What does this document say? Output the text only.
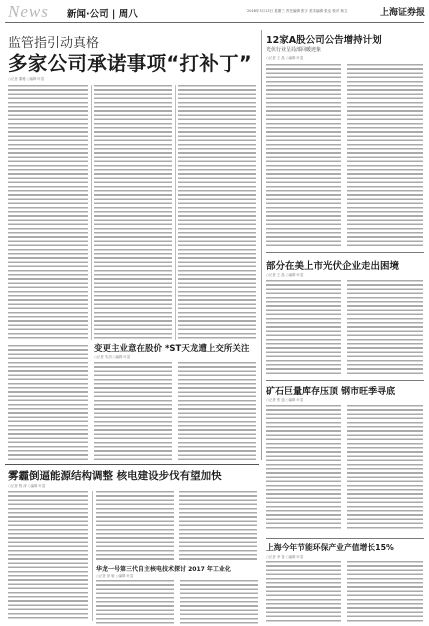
News 新闻·公司 | 周八	2018年3月13日 星期三 责任编辑 张宇 美术编辑 张洁 校对 杨卫	上海证券报
监管指引动真格
多家公司承诺事项“打补丁”
○记者 董雅 ○编辑 叶富
变更主业意在股价 *ST天龙遭上交所关注
○记者 朱剑 ○编辑 叶富
12家A股公司公告增持计划
光伏行业呈局部回暖迹象
○记者 王 晶 ○编辑 叶富
部分在美上市光伏企业走出困境
○记者 王 晶 ○编辑 叶富
矿石巨量库存压顶 钢市旺季寻底
○记者 张 翅 ○编辑 叶富
雾霾倒逼能源结构调整 核电建设步伐有望加快
○记者 程 涛 ○编辑 叶富
华龙一号第三代自主核电技术探讨 2017 年工业化
○记者 彭 敏 ○编辑 叶富
上海今年节能环保产业产值增长15%
○记者 李 斐 ○编辑 叶富
